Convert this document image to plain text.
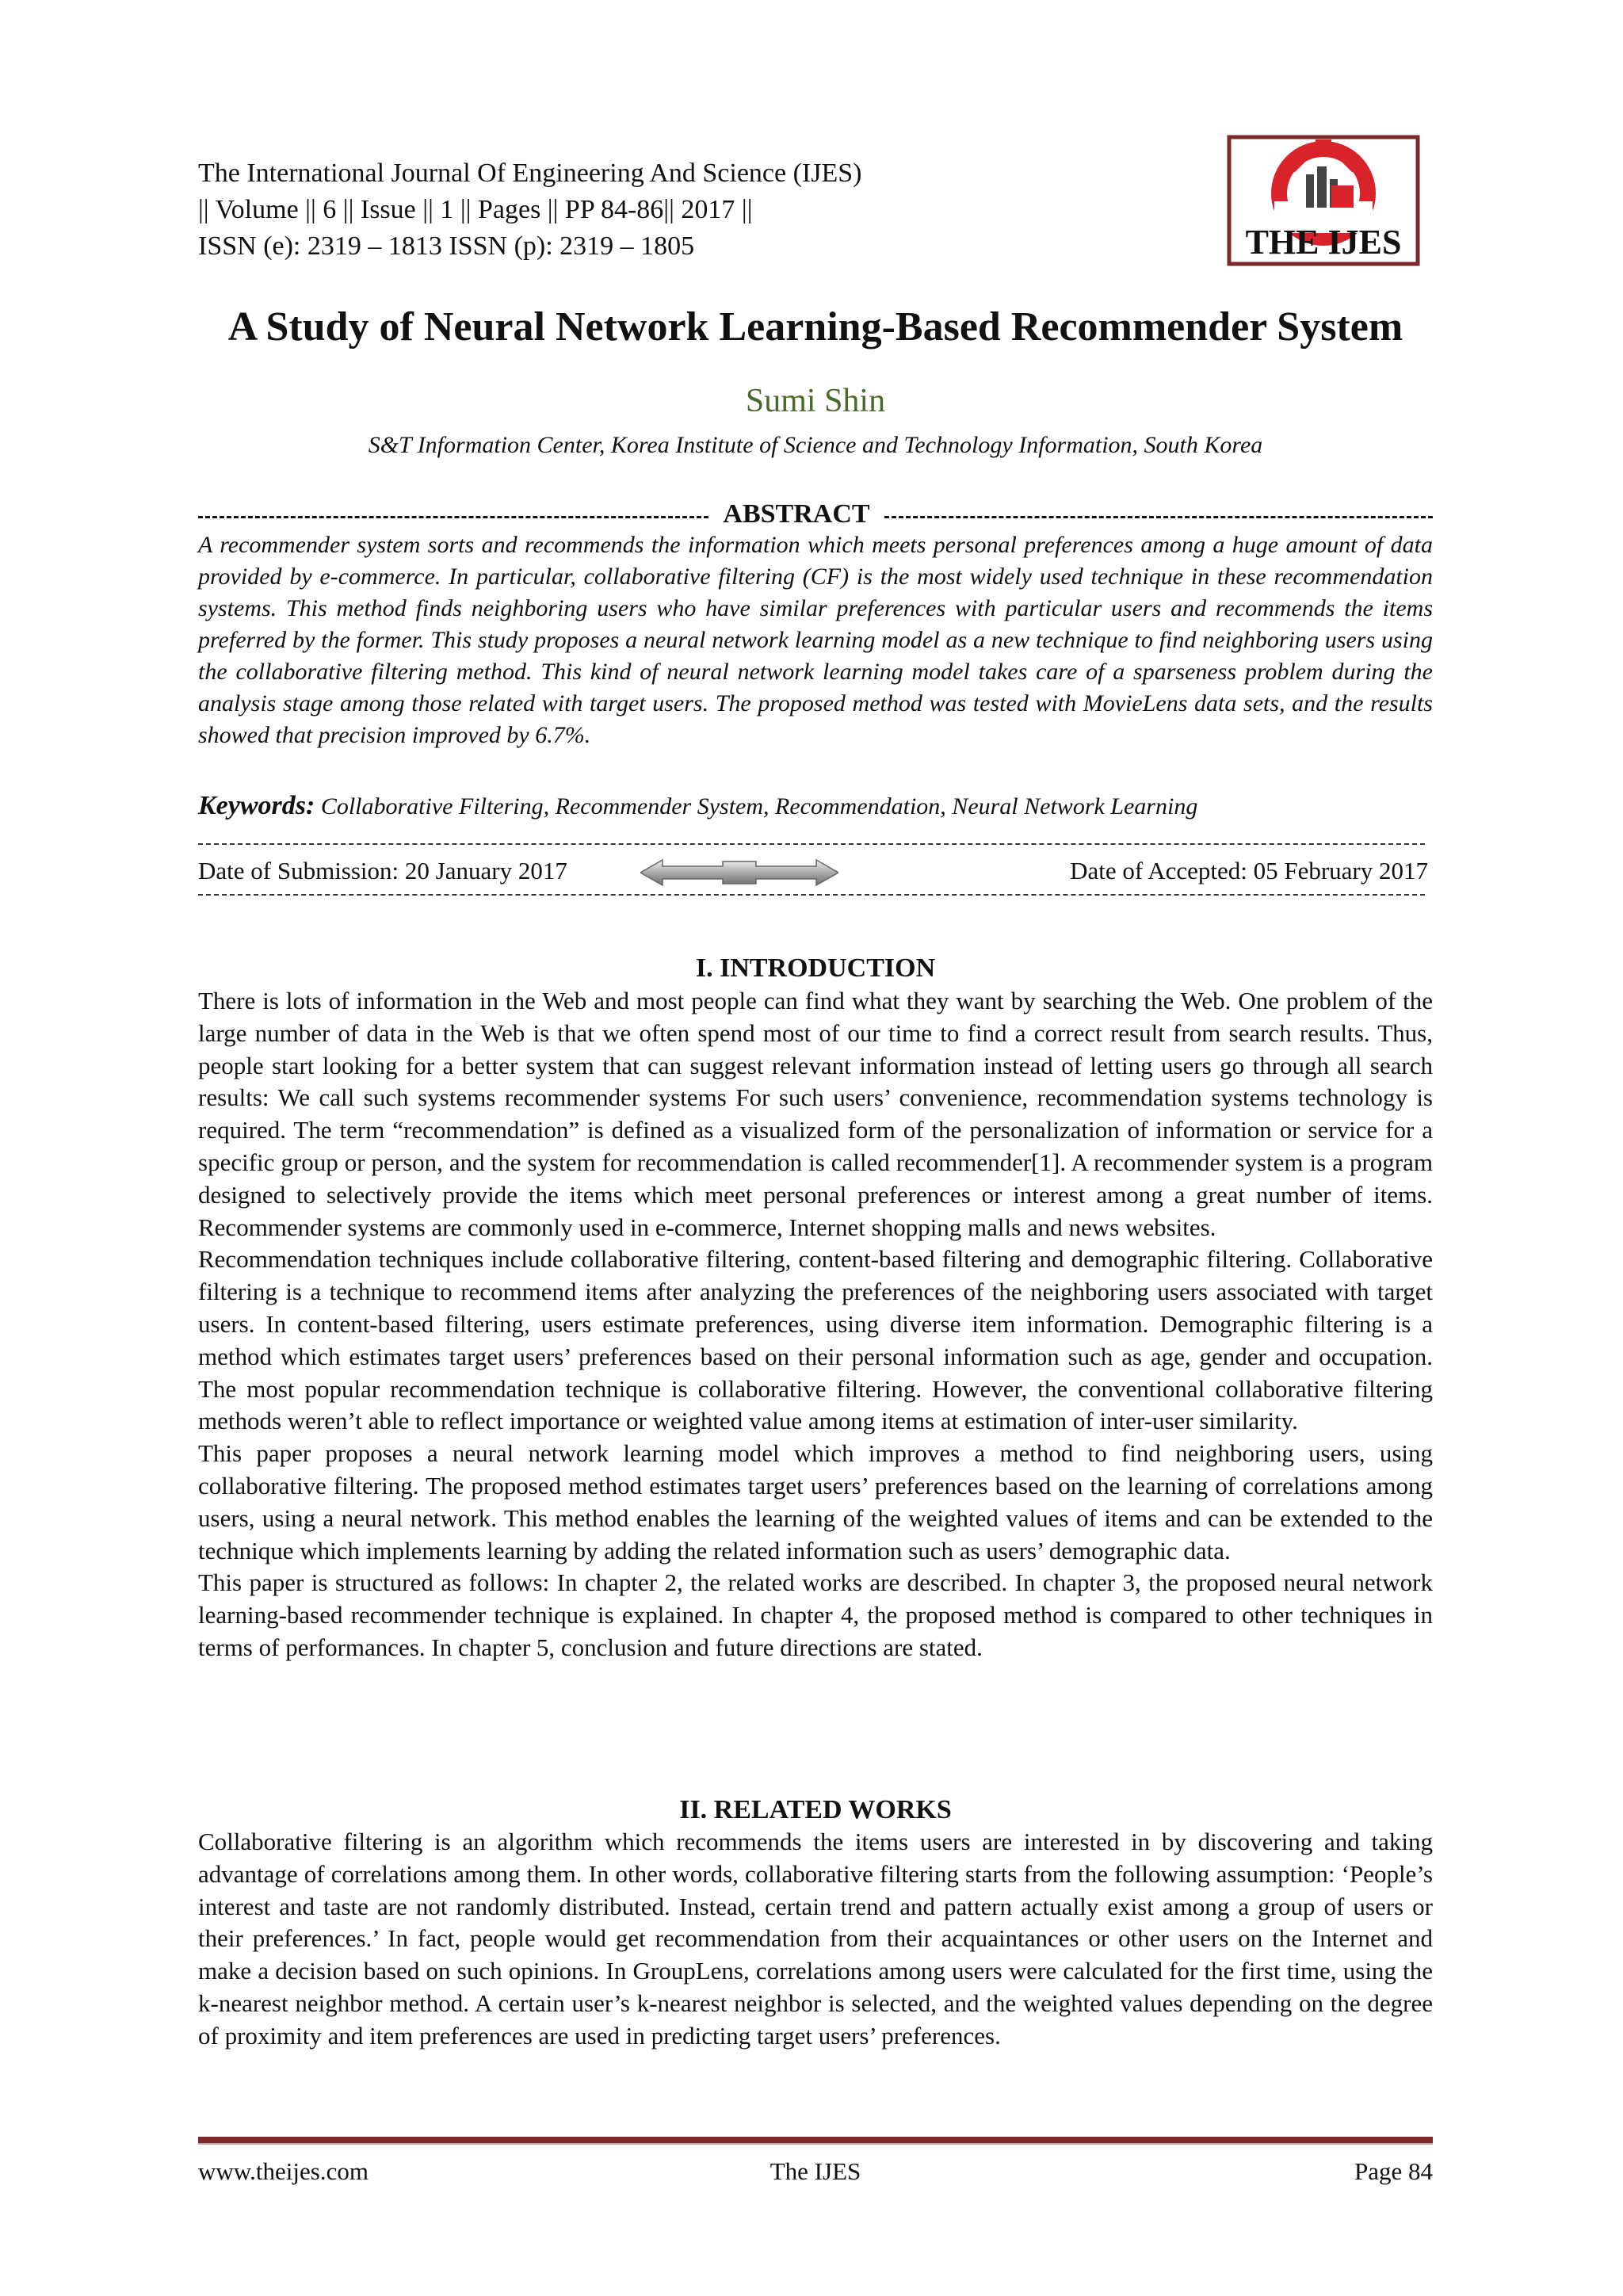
The International Journal Of Engineering And Science (IJES)
|| Volume || 6 || Issue || 1 || Pages || PP 84-86|| 2017 ||
ISSN (e): 2319 – 1813 ISSN (p): 2319 – 1805	THE IJES
A Study of Neural Network Learning-Based Recommender System
Sumi Shin
S&T Information Center, Korea Institute of Science and Technology Information, South Korea
ABSTRACT
A recommender system sorts and recommends the information which meets personal preferences among a huge amount of data provided by e-commerce. In particular, collaborative filtering (CF) is the most widely used technique in these recommendation systems. This method finds neighboring users who have similar preferences with particular users and recommends the items preferred by the former. This study proposes a neural network learning model as a new technique to find neighboring users using the collaborative filtering method. This kind of neural network learning model takes care of a sparseness problem during the analysis stage among those related with target users. The proposed method was tested with MovieLens data sets, and the results showed that precision improved by 6.7%.
Keywords: Collaborative Filtering, Recommender System, Recommendation, Neural Network Learning
Date of Submission: 20 January 2017	Date of Accepted: 05 February 2017
I. INTRODUCTION

There is lots of information in the Web and most people can find what they want by searching the Web. One problem of the large number of data in the Web is that we often spend most of our time to find a correct result from search results. Thus, people start looking for a better system that can suggest relevant information instead of letting users go through all search results: We call such systems recommender systems For such users’ convenience, recommendation systems technology is required. The term “recommendation” is defined as a visualized form of the personalization of information or service for a specific group or person, and the system for recommendation is called recommender[1]. A recommender system is a program designed to selectively provide the items which meet personal preferences or interest among a great number of items. Recommender systems are commonly used in e-commerce, Internet shopping malls and news websites.

Recommendation techniques include collaborative filtering, content-based filtering and demographic filtering. Collaborative filtering is a technique to recommend items after analyzing the preferences of the neighboring users associated with target users. In content-based filtering, users estimate preferences, using diverse item information. Demographic filtering is a method which estimates target users’ preferences based on their personal information such as age, gender and occupation. The most popular recommendation technique is collaborative filtering. However, the conventional collaborative filtering methods weren’t able to reflect importance or weighted value among items at estimation of inter-user similarity.

This paper proposes a neural network learning model which improves a method to find neighboring users, using collaborative filtering. The proposed method estimates target users’ preferences based on the learning of correlations among users, using a neural network. This method enables the learning of the weighted values of items and can be extended to the technique which implements learning by adding the related information such as users’ demographic data.

This paper is structured as follows: In chapter 2, the related works are described. In chapter 3, the proposed neural network learning-based recommender technique is explained. In chapter 4, the proposed method is compared to other techniques in terms of performances. In chapter 5, conclusion and future directions are stated.

II. RELATED WORKS

Collaborative filtering is an algorithm which recommends the items users are interested in by discovering and taking advantage of correlations among them. In other words, collaborative filtering starts from the following assumption: ‘People’s interest and taste are not randomly distributed. Instead, certain trend and pattern actually exist among a group of users or their preferences.’ In fact, people would get recommendation from their acquaintances or other users on the Internet and make a decision based on such opinions. In GroupLens, correlations among users were calculated for the first time, using the k-nearest neighbor method. A certain user’s k-nearest neighbor is selected, and the weighted values depending on the degree of proximity and item preferences are used in predicting target users’ preferences.

www.theijes.com	The IJES	Page 84
